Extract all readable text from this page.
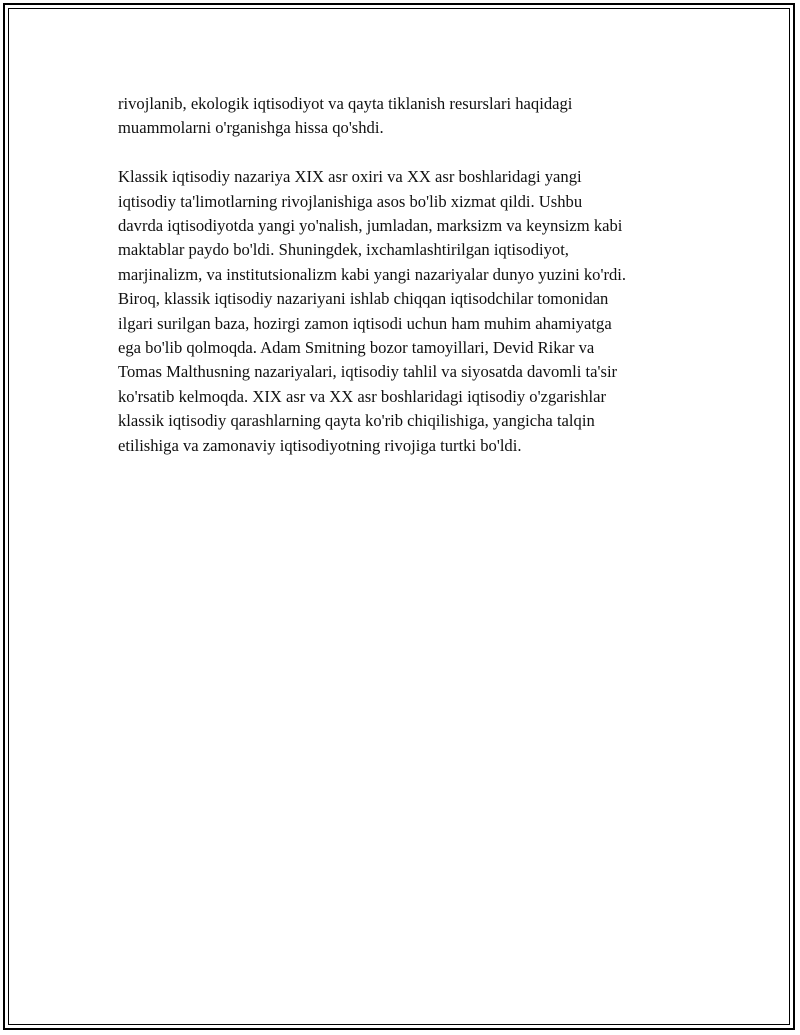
rivojlanib, ekologik iqtisodiyot va qayta tiklanish resurslari haqidagi
muammolarni o'rganishga hissa qo'shdi.

Klassik iqtisodiy nazariya XIX asr oxiri va XX asr boshlaridagi yangi
iqtisodiy ta'limotlarning rivojlanishiga asos bo'lib xizmat qildi. Ushbu
davrda iqtisodiyotda yangi yo'nalish, jumladan, marksizm va keynsizm kabi
maktablar paydo bo'ldi. Shuningdek, ixchamlashtirilgan iqtisodiyot,
marjinalizm, va institutsionalizm kabi yangi nazariyalar dunyo yuzini ko'rdi.
Biroq, klassik iqtisodiy nazariyani ishlab chiqqan iqtisodchilar tomonidan
ilgari surilgan baza, hozirgi zamon iqtisodi uchun ham muhim ahamiyatga
ega bo'lib qolmoqda. Adam Smitning bozor tamoyillari, Devid Rikar va
Tomas Malthusning nazariyalari, iqtisodiy tahlil va siyosatda davomli ta'sir
ko'rsatib kelmoqda. XIX asr va XX asr boshlaridagi iqtisodiy o'zgarishlar
klassik iqtisodiy qarashlarning qayta ko'rib chiqilishiga, yangicha talqin
etilishiga va zamonaviy iqtisodiyotning rivojiga turtki bo'ldi.
